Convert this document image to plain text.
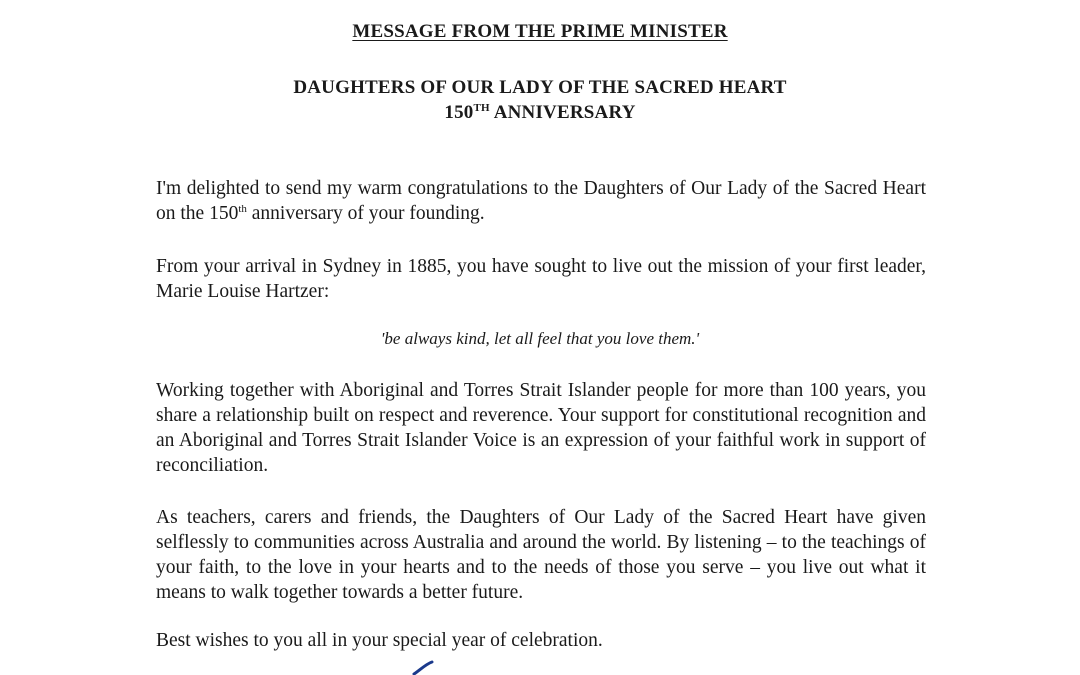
MESSAGE FROM THE PRIME MINISTER
DAUGHTERS OF OUR LADY OF THE SACRED HEART
150TH ANNIVERSARY

I'm delighted to send my warm congratulations to the Daughters of Our Lady of the Sacred Heart on the 150th anniversary of your founding.

From your arrival in Sydney in 1885, you have sought to live out the mission of your first leader, Marie Louise Hartzer:

'be always kind, let all feel that you love them.'

Working together with Aboriginal and Torres Strait Islander people for more than 100 years, you share a relationship built on respect and reverence. Your support for constitutional recognition and an Aboriginal and Torres Strait Islander Voice is an expression of your faithful work in support of reconciliation.

As teachers, carers and friends, the Daughters of Our Lady of the Sacred Heart have given selflessly to communities across Australia and around the world. By listening – to the teachings of your faith, to the love in your hearts and to the needs of those you serve – you live out what it means to walk together towards a better future.

Best wishes to you all in your special year of celebration.
